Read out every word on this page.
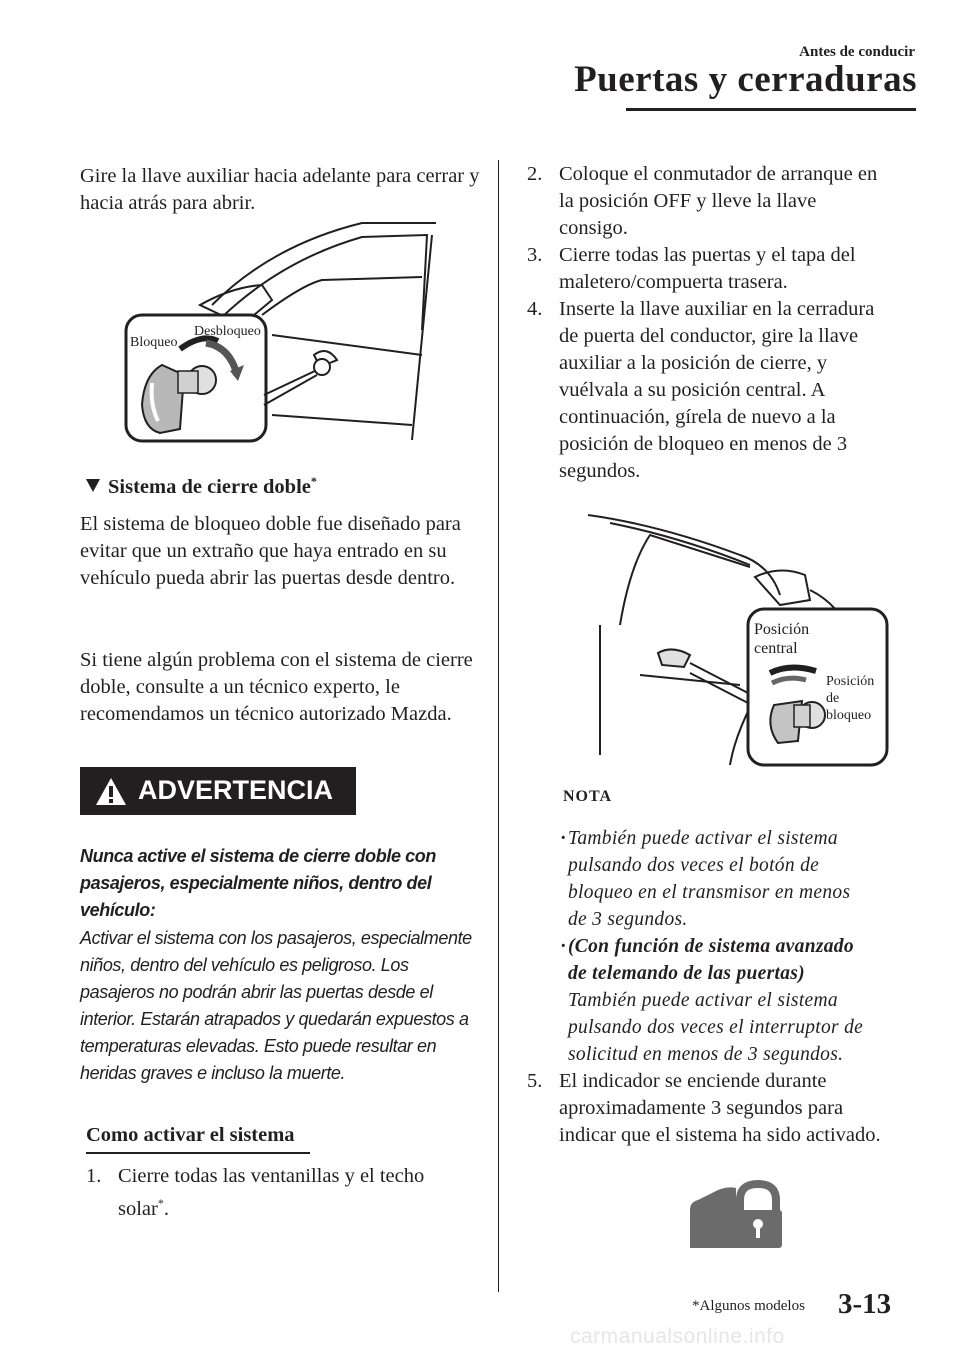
Antes de conducir
Puertas y cerraduras
Gire la llave auxiliar hacia adelante para cerrar y hacia atrás para abrir.
Bloqueo
Desbloqueo
Sistema de cierre doble*
El sistema de bloqueo doble fue diseñado para evitar que un extraño que haya entrado en su vehículo pueda abrir las puertas desde dentro.
Si tiene algún problema con el sistema de cierre doble, consulte a un técnico experto, le recomendamos un técnico autorizado Mazda.
ADVERTENCIA
Nunca active el sistema de cierre doble con pasajeros, especialmente niños, dentro del vehículo:
Activar el sistema con los pasajeros, especialmente niños, dentro del vehículo es peligroso. Los pasajeros no podrán abrir las puertas desde el interior. Estarán atrapados y quedarán expuestos a temperaturas elevadas. Esto puede resultar en heridas graves e incluso la muerte.
Como activar el sistema
1. Cierre todas las ventanillas y el techo
solar*.
2. Coloque el conmutador de arranque en
la posición OFF y lleve la llave
consigo.
3. Cierre todas las puertas y el tapa del
maletero/compuerta trasera.
4. Inserte la llave auxiliar en la cerradura
de puerta del conductor, gire la llave
auxiliar a la posición de cierre, y
vuélvala a su posición central. A
continuación, gírela de nuevo a la
posición de bloqueo en menos de 3
segundos.
Posición
central
Posición
de
bloqueo
NOTA
· También puede activar el sistema
pulsando dos veces el botón de
bloqueo en el transmisor en menos
de 3 segundos.
· (Con función de sistema avanzado
de telemando de las puertas)
También puede activar el sistema
pulsando dos veces el interruptor de
solicitud en menos de 3 segundos.
5. El indicador se enciende durante
aproximadamente 3 segundos para
indicar que el sistema ha sido activado.
*Algunos modelos 3-13
carmanualsonline.info
